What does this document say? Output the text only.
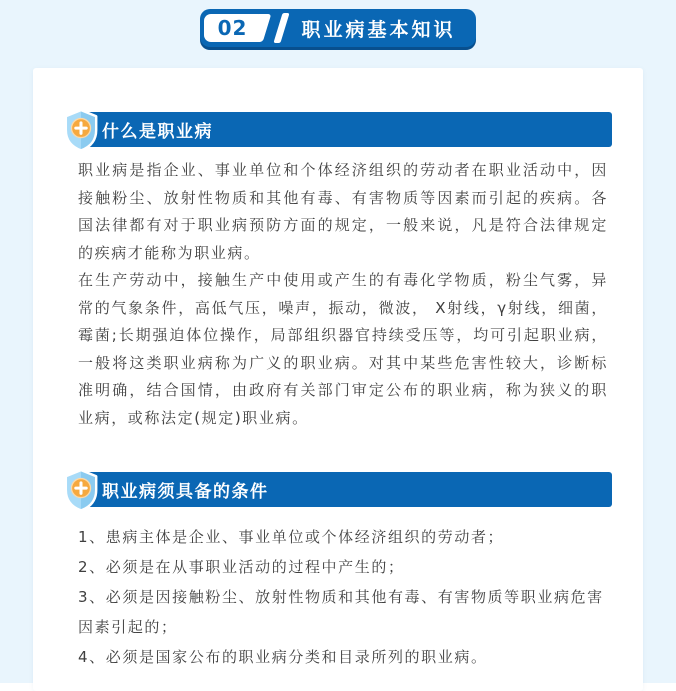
02	职业病基本知识
什么是职业病

职业病是指企业、事业单位和个体经济组织的劳动者在职业活动中，因接触粉尘、放射性物质和其他有毒、有害物质等因素而引起的疾病。各国法律都有对于职业病预防方面的规定，一般来说，凡是符合法律规定的疾病才能称为职业病。

在生产劳动中，接触生产中使用或产生的有毒化学物质，粉尘气雾，异常的气象条件，高低气压，噪声，振动，微波， X射线，γ射线，细菌，霉菌;长期强迫体位操作，局部组织器官持续受压等，均可引起职业病，一般将这类职业病称为广义的职业病。对其中某些危害性较大，诊断标准明确，结合国情，由政府有关部门审定公布的职业病，称为狭义的职业病，或称法定(规定)职业病。

职业病须具备的条件
1、患病主体是企业、事业单位或个体经济组织的劳动者；
2、必须是在从事职业活动的过程中产生的；
3、必须是因接触粉尘、放射性物质和其他有毒、有害物质等职业病危害因素引起的；
4、必须是国家公布的职业病分类和目录所列的职业病。
